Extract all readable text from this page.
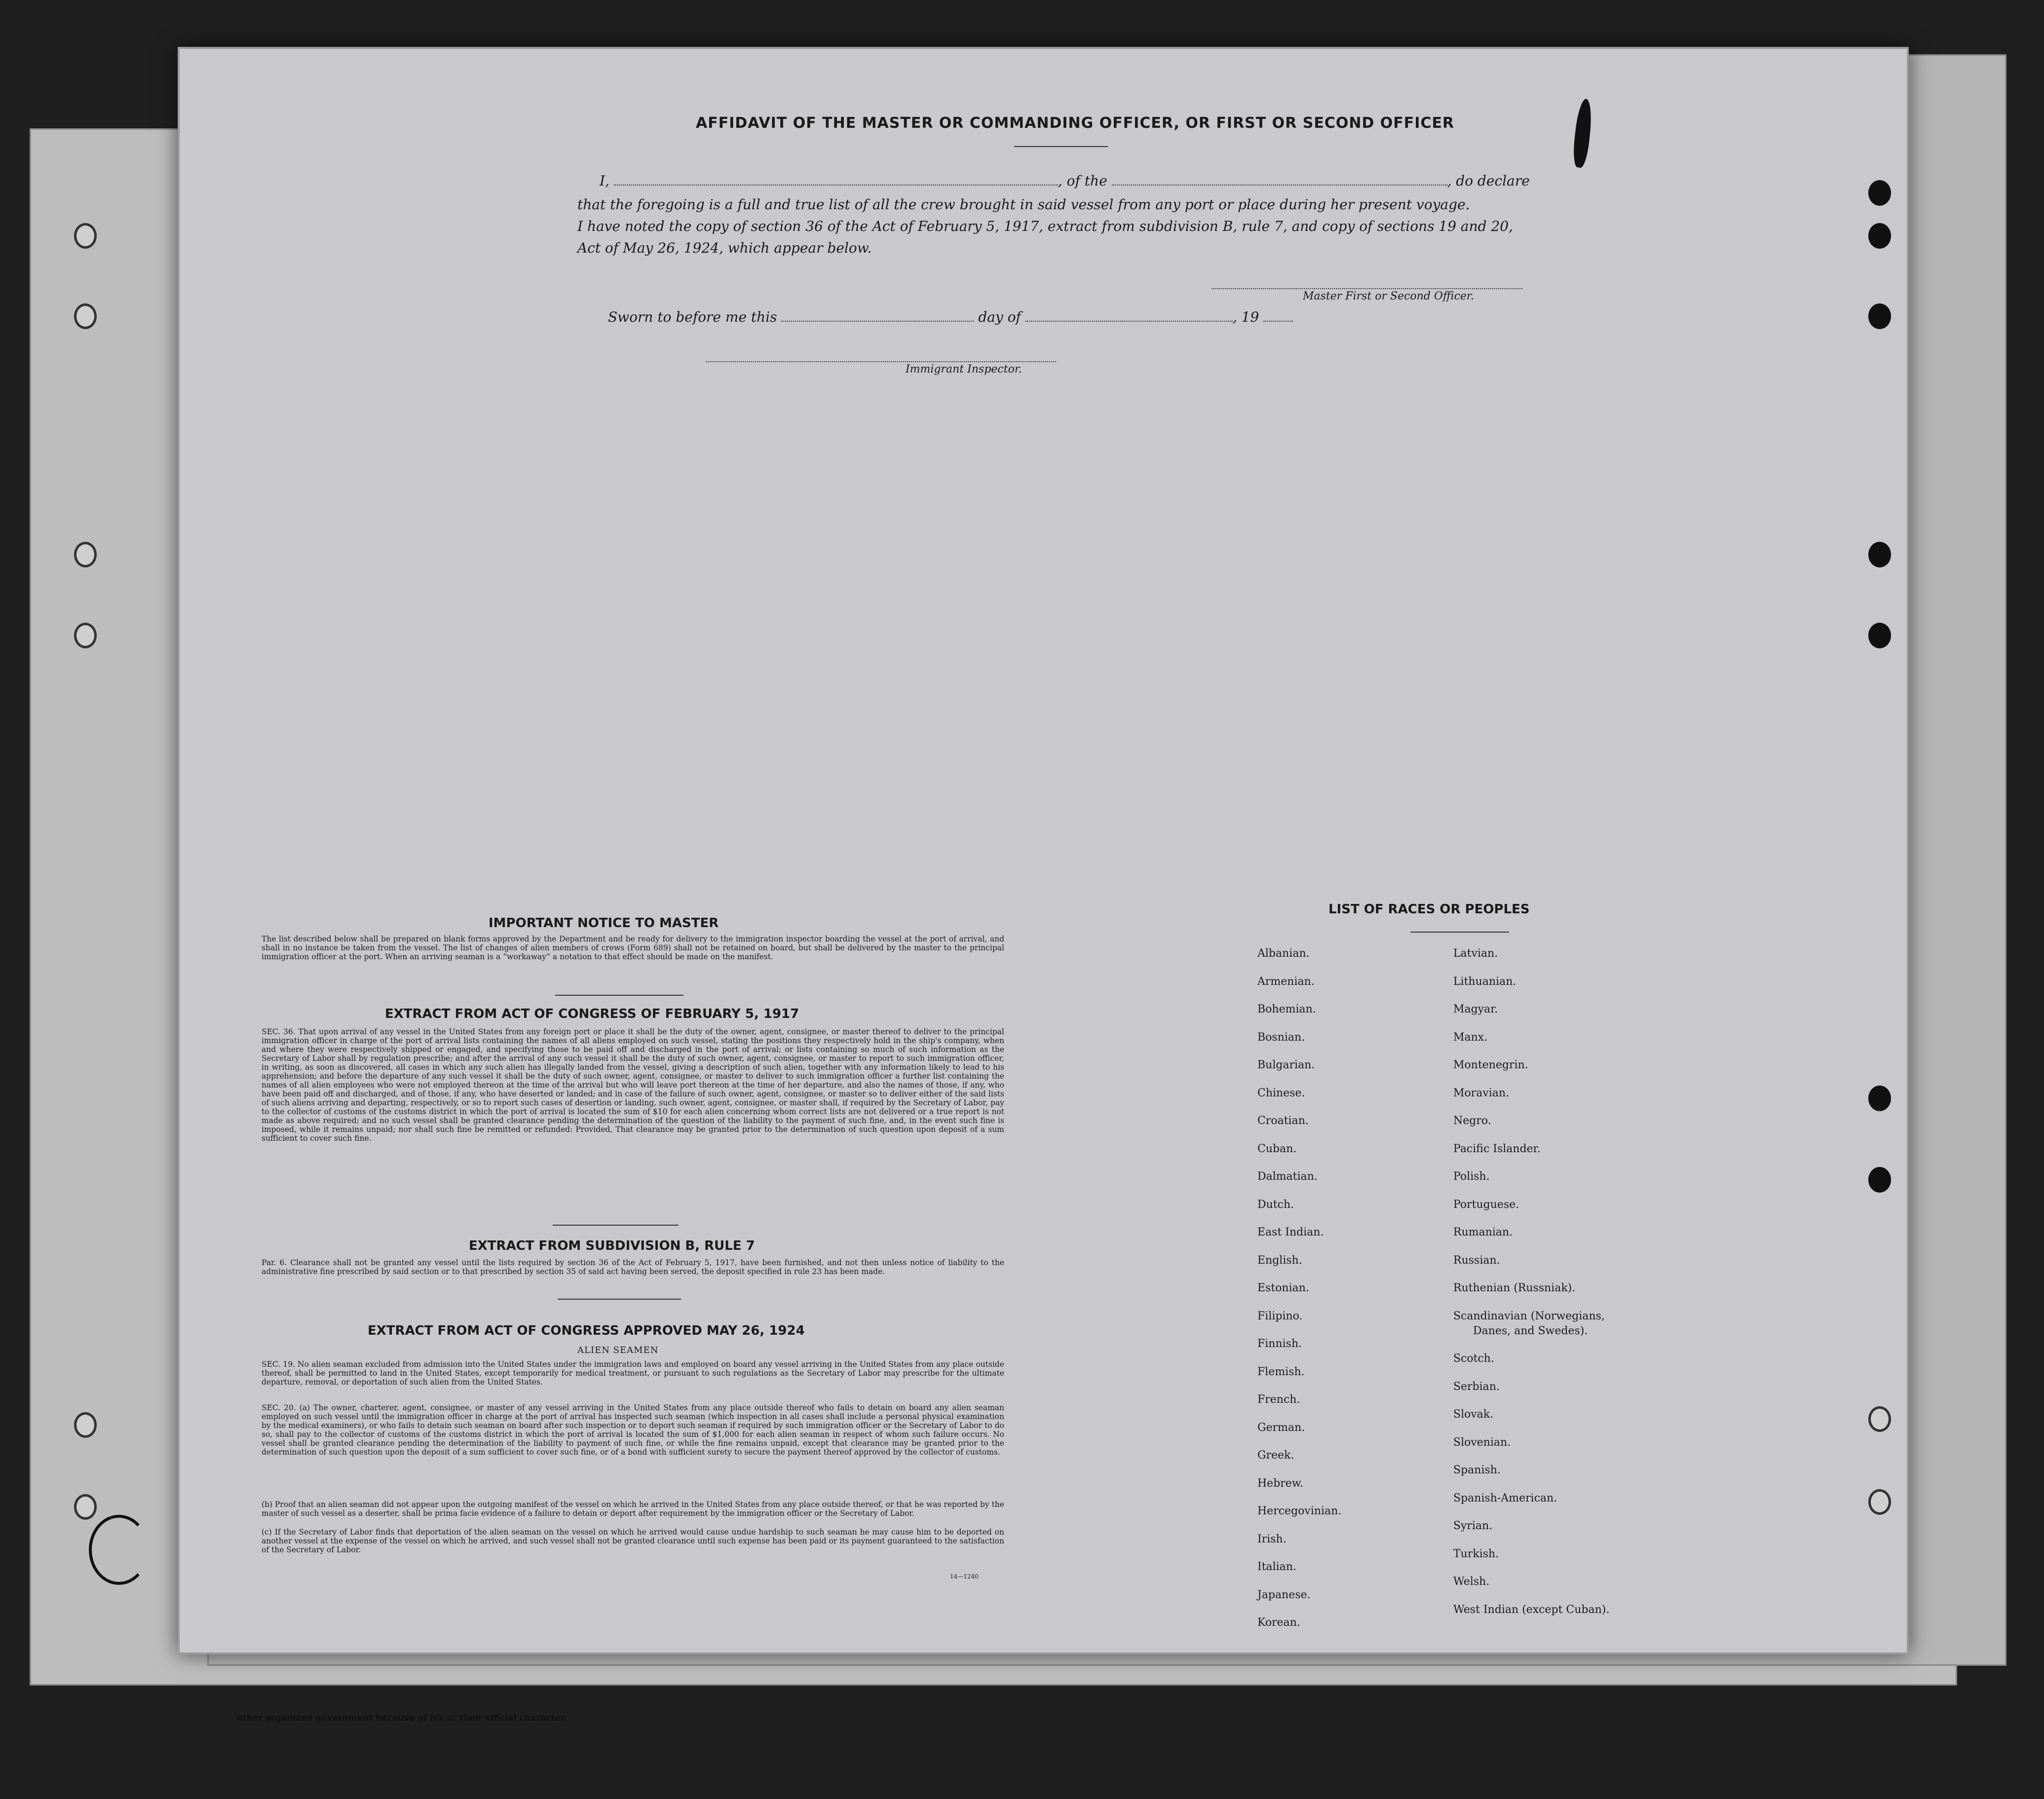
AFFIDAVIT OF THE MASTER OR COMMANDING OFFICER, OR FIRST OR SECOND OFFICER
I,	, of the	, do declare
that the foregoing is a full and true list of all the crew brought in said vessel from any port or place during her present voyage.
I have noted the copy of section 36 of the Act of February 5, 1917, extract from subdivision B, rule 7, and copy of sections 19 and 20,
Act of May 26, 1924, which appear below.
Master First or Second Officer.
Sworn to before me this	day of	, 19
Immigrant Inspector.
IMPORTANT NOTICE TO MASTER
The list described below shall be prepared on blank forms approved by the Department and be ready for delivery to the immigration inspector boarding the vessel at the port of arrival, and shall in no instance be taken from the vessel. The list of changes of alien members of crews (Form 689) shall not be retained on board, but shall be delivered by the master to the principal immigration officer at the port. When an arriving seaman is a “workaway” a notation to that effect should be made on the manifest.
EXTRACT FROM ACT OF CONGRESS OF FEBRUARY 5, 1917
SEC. 36. That upon arrival of any vessel in the United States from any foreign port or place it shall be the duty of the owner, agent, consignee, or master thereof to deliver to the principal immigration officer in charge of the port of arrival lists containing the names of all aliens employed on such vessel, stating the positions they respectively hold in the ship's company, when and where they were respectively shipped or engaged, and specifying those to be paid off and discharged in the port of arrival; or lists containing so much of such information as the Secretary of Labor shall by regulation prescribe; and after the arrival of any such vessel it shall be the duty of such owner, agent, consignee, or master to report to such immigration officer, in writing, as soon as discovered, all cases in which any such alien has illegally landed from the vessel, giving a description of such alien, together with any information likely to lead to his apprehension; and before the departure of any such vessel it shall be the duty of such owner, agent, consignee, or master to deliver to such immigration officer a further list containing the names of all alien employees who were not employed thereon at the time of the arrival but who will leave port thereon at the time of her departure, and also the names of those, if any, who have been paid off and discharged, and of those, if any, who have deserted or landed; and in case of the failure of such owner, agent, consignee, or master so to deliver either of the said lists of such aliens arriving and departing, respectively, or so to report such cases of desertion or landing, such owner, agent, consignee, or master shall, if required by the Secretary of Labor, pay to the collector of customs of the customs district in which the port of arrival is located the sum of $10 for each alien concerning whom correct lists are not delivered or a true report is not made as above required; and no such vessel shall be granted clearance pending the determination of the question of the liability to the payment of such fine, and, in the event such fine is imposed, while it remains unpaid; nor shall such fine be remitted or refunded: Provided, That clearance may be granted prior to the determination of such question upon deposit of a sum sufficient to cover such fine.
EXTRACT FROM SUBDIVISION B, RULE 7
Par. 6. Clearance shall not be granted any vessel until the lists required by section 36 of the Act of February 5, 1917, have been furnished, and not then unless notice of liability to the administrative fine prescribed by said section or to that prescribed by section 35 of said act having been served, the deposit specified in rule 23 has been made.
EXTRACT FROM ACT OF CONGRESS APPROVED MAY 26, 1924
ALIEN SEAMEN
SEC. 19. No alien seaman excluded from admission into the United States under the immigration laws and employed on board any vessel arriving in the United States from any place outside thereof, shall be permitted to land in the United States, except temporarily for medical treatment, or pursuant to such regulations as the Secretary of Labor may prescribe for the ultimate departure, removal, or deportation of such alien from the United States.
SEC. 20. (a) The owner, charterer, agent, consignee, or master of any vessel arriving in the United States from any place outside thereof who fails to detain on board any alien seaman employed on such vessel until the immigration officer in charge at the port of arrival has inspected such seaman (which inspection in all cases shall include a personal physical examination by the medical examiners), or who fails to detain such seaman on board after such inspection or to deport such seaman if required by such immigration officer or the Secretary of Labor to do so, shall pay to the collector of customs of the customs district in which the port of arrival is located the sum of $1,000 for each alien seaman in respect of whom such failure occurs. No vessel shall be granted clearance pending the determination of the liability to payment of such fine, or while the fine remains unpaid, except that clearance may be granted prior to the determination of such question upon the deposit of a sum sufficient to cover such fine, or of a bond with sufficient surety to secure the payment thereof approved by the collector of customs.
(b) Proof that an alien seaman did not appear upon the outgoing manifest of the vessel on which he arrived in the United States from any place outside thereof, or that he was reported by the master of such vessel as a deserter, shall be prima facie evidence of a failure to detain or deport after requirement by the immigration officer or the Secretary of Labor.
(c) If the Secretary of Labor finds that deportation of the alien seaman on the vessel on which he arrived would cause undue hardship to such seaman he may cause him to be deported on another vessel at the expense of the vessel on which he arrived, and such vessel shall not be granted clearance until such expense has been paid or its payment guaranteed to the satisfaction of the Secretary of Labor.
14—1240
LIST OF RACES OR PEOPLES
Albanian.
Armenian.
Bohemian.
Bosnian.
Bulgarian.
Chinese.
Croatian.
Cuban.
Dalmatian.
Dutch.
East Indian.
English.
Estonian.
Filipino.
Finnish.
Flemish.
French.
German.
Greek.
Hebrew.
Hercegovinian.
Irish.
Italian.
Japanese.
Korean.
Latvian.
Lithuanian.
Magyar.
Manx.
Montenegrin.
Moravian.
Negro.
Pacific Islander.
Polish.
Portuguese.
Rumanian.
Russian.
Ruthenian (Russniak).
Scandinavian (Norwegians,
Danes, and Swedes).
Scotch.
Serbian.
Slovak.
Slovenian.
Spanish.
Spanish-American.
Syrian.
Turkish.
Welsh.
West Indian (except Cuban).
other organized government because of his or their official character.
